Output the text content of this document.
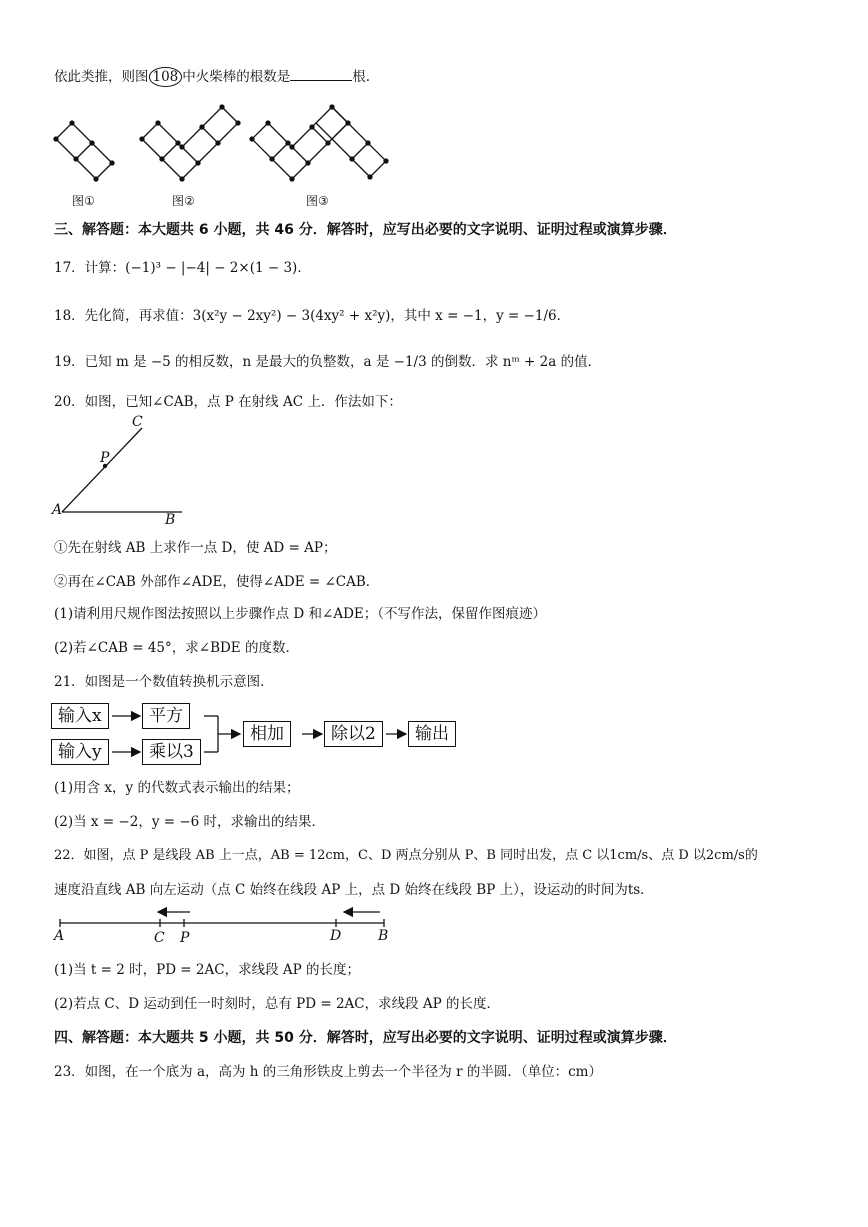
依此类推，则图 108 中火柴棒的根数是	根.
图①	图②	图③
三、解答题：本大题共 6 小题，共 46 分．解答时，应写出必要的文字说明、证明过程或演算步骤．
17．计算：(−1)³ − |−4| − 2×(1 − 3)．
18．先化简，再求值：3(x²y − 2xy²) − 3(4xy² + x²y)，其中 x = −1，y = −1/6．
19．已知 m 是 −5 的相反数，n 是最大的负整数，a 是 −1/3 的倒数．求 nᵐ + 2a 的值．
20．如图，已知∠CAB，点 P 在射线 AC 上．作法如下：
C
P
A
B
①先在射线 AB 上求作一点 D，使 AD = AP；
②再在∠CAB 外部作∠ADE，使得∠ADE = ∠CAB．
(1)请利用尺规作图法按照以上步骤作点 D 和∠ADE；（不写作法，保留作图痕迹）
(2)若∠CAB = 45°，求∠BDE 的度数．
21．如图是一个数值转换机示意图．
输入x
输入y
平方
乘以3
相加	除以2	输出
(1)用含 x，y 的代数式表示输出的结果；
(2)当 x = −2，y = −6 时，求输出的结果．
22．如图，点 P 是线段 AB 上一点，AB = 12cm，C、D 两点分别从 P、B 同时出发，点 C 以1cm/s、点 D 以2cm/s的
速度沿直线 AB 向左运动（点 C 始终在线段 AP 上，点 D 始终在线段 BP 上），设运动的时间为ts．
A	C P	D	B
(1)当 t = 2 时，PD = 2AC，求线段 AP 的长度；
(2)若点 C、D 运动到任一时刻时，总有 PD = 2AC，求线段 AP 的长度．
四、解答题：本大题共 5 小题，共 50 分．解答时，应写出必要的文字说明、证明过程或演算步骤．
23．如图，在一个底为 a，高为 h 的三角形铁皮上剪去一个半径为 r 的半圆．（单位：cm）
